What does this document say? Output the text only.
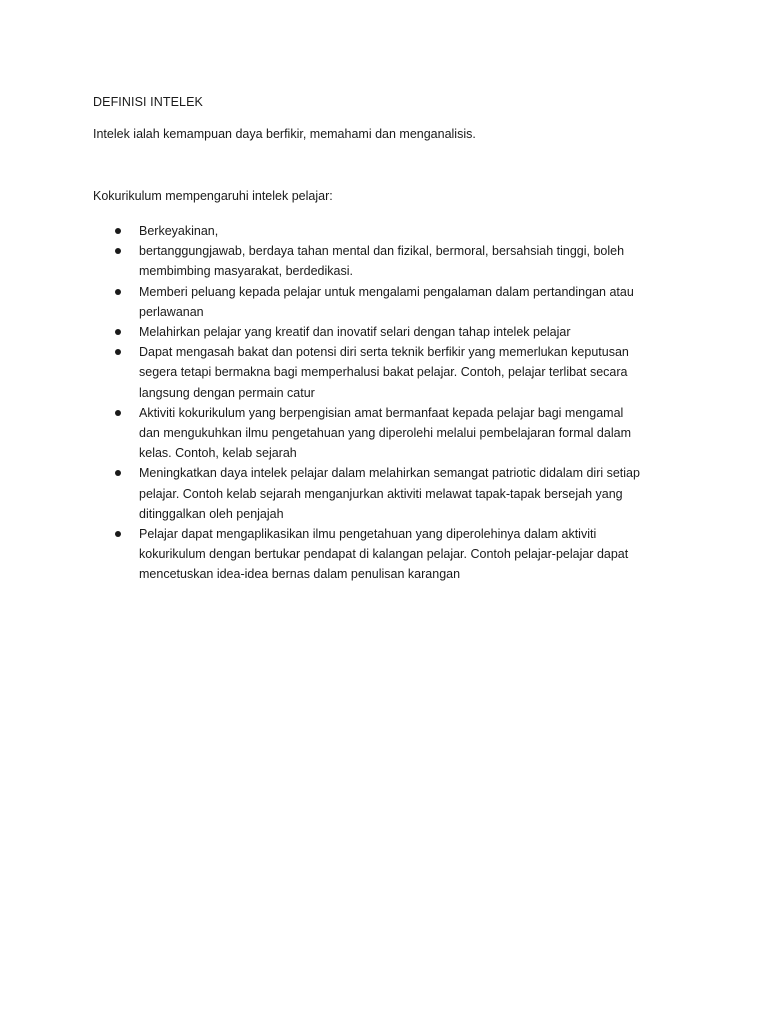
DEFINISI INTELEK

Intelek ialah kemampuan daya berfikir, memahami dan menganalisis.

Kokurikulum mempengaruhi intelek pelajar:

Berkeyakinan,
bertanggungjawab, berdaya tahan mental dan fizikal, bermoral, bersahsiah tinggi, boleh membimbing masyarakat, berdedikasi.
Memberi peluang kepada pelajar untuk mengalami pengalaman dalam pertandingan atau perlawanan
Melahirkan pelajar yang kreatif dan inovatif selari dengan tahap intelek pelajar
Dapat mengasah bakat dan potensi diri serta teknik berfikir yang memerlukan keputusan segera tetapi bermakna bagi memperhalusi bakat pelajar. Contoh, pelajar terlibat secara langsung dengan permain catur
Aktiviti kokurikulum yang berpengisian amat bermanfaat kepada pelajar bagi mengamal dan mengukuhkan ilmu pengetahuan yang diperolehi melalui pembelajaran formal dalam kelas. Contoh, kelab sejarah
Meningkatkan daya intelek pelajar dalam melahirkan semangat patriotic didalam diri setiap pelajar. Contoh kelab sejarah menganjurkan aktiviti melawat tapak-tapak bersejah yang ditinggalkan oleh penjajah
Pelajar dapat mengaplikasikan ilmu pengetahuan yang diperolehinya dalam aktiviti kokurikulum dengan bertukar pendapat di kalangan pelajar. Contoh pelajar-pelajar dapat mencetuskan idea-idea bernas dalam penulisan karangan
